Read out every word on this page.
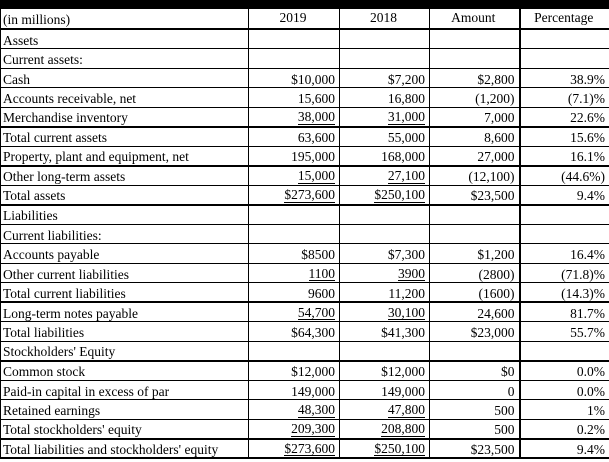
(in millions)	2019	2018	Amount	Percentage
Assets				
Current assets:				
Cash	$10,000	$7,200	$2,800	38.9%
Accounts receivable, net	15,600	16,800	(1,200)	(7.1)%
Merchandise inventory	38,000	31,000	7,000	22.6%
Total current assets	63,600	55,000	8,600	15.6%
Property, plant and equipment, net	195,000	168,000	27,000	16.1%
Other long-term assets	15,000	27,100	(12,100)	(44.6%)
Total assets	$273,600	$250,100	$23,500	9.4%
Liabilities				
Current liabilities:				
Accounts payable	$8500	$7,300	$1,200	16.4%
Other current liabilities	1100	3900	(2800)	(71.8)%
Total current liabilities	9600	11,200	(1600)	(14.3)%
Long-term notes payable	54,700	30,100	24,600	81.7%
Total liabilities	$64,300	$41,300	$23,000	55.7%
Stockholders' Equity				
Common stock	$12,000	$12,000	$0	0.0%
Paid-in capital in excess of par	149,000	149,000	0	0.0%
Retained earnings	48,300	47,800	500	1%
Total stockholders' equity	209,300	208,800	500	0.2%
Total liabilities and stockholders' equity	$273,600	$250,100	$23,500	9.4%
